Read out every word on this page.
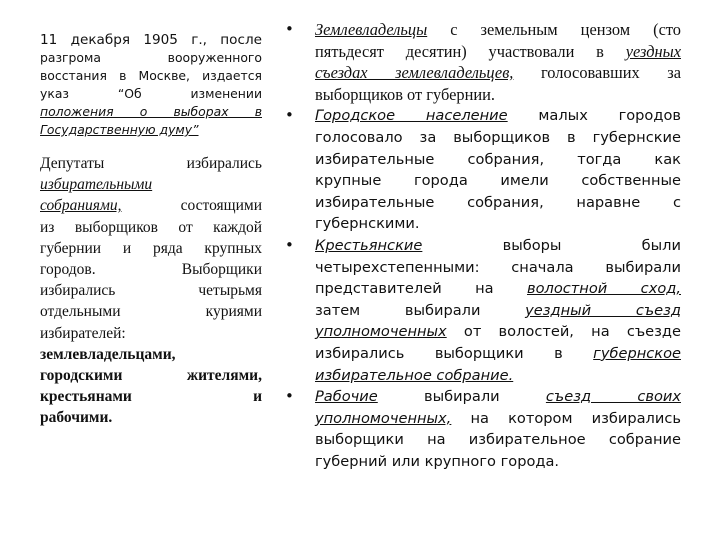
11 декабря 1905 г., после
разгрома вооруженного
восстания в Москве, издается
указ “Об изменении
положения о выборах в
Государственную думу”
Депутаты избирались
избирательными
собраниями, состоящими
из выборщиков от каждой
губернии и ряда крупных
городов. Выборщики
избирались четырьмя
отдельными куриями
избирателей:
землевладельцами,
городскими жителями,
крестьянами и
рабочими.
• Землевладельцы с земельным цензом (сто
пятьдесят десятин) участвовали в уездных
съездах землевладельцев, голосовавших за
выборщиков от губернии.
• Городское население малых городов
голосовало за выборщиков в губернские
избирательные собрания, тогда как
крупные города имели собственные
избирательные собрания, наравне с
губернскими.
• Крестьянские выборы были
четырехстепенными: сначала выбирали
представителей на волостной сход,
затем выбирали уездный съезд
уполномоченных от волостей, на съезде
избирались выборщики в губернское
избирательное собрание.
• Рабочие выбирали съезд своих
уполномоченных, на котором избирались
выборщики на избирательное собрание
губерний или крупного города.
